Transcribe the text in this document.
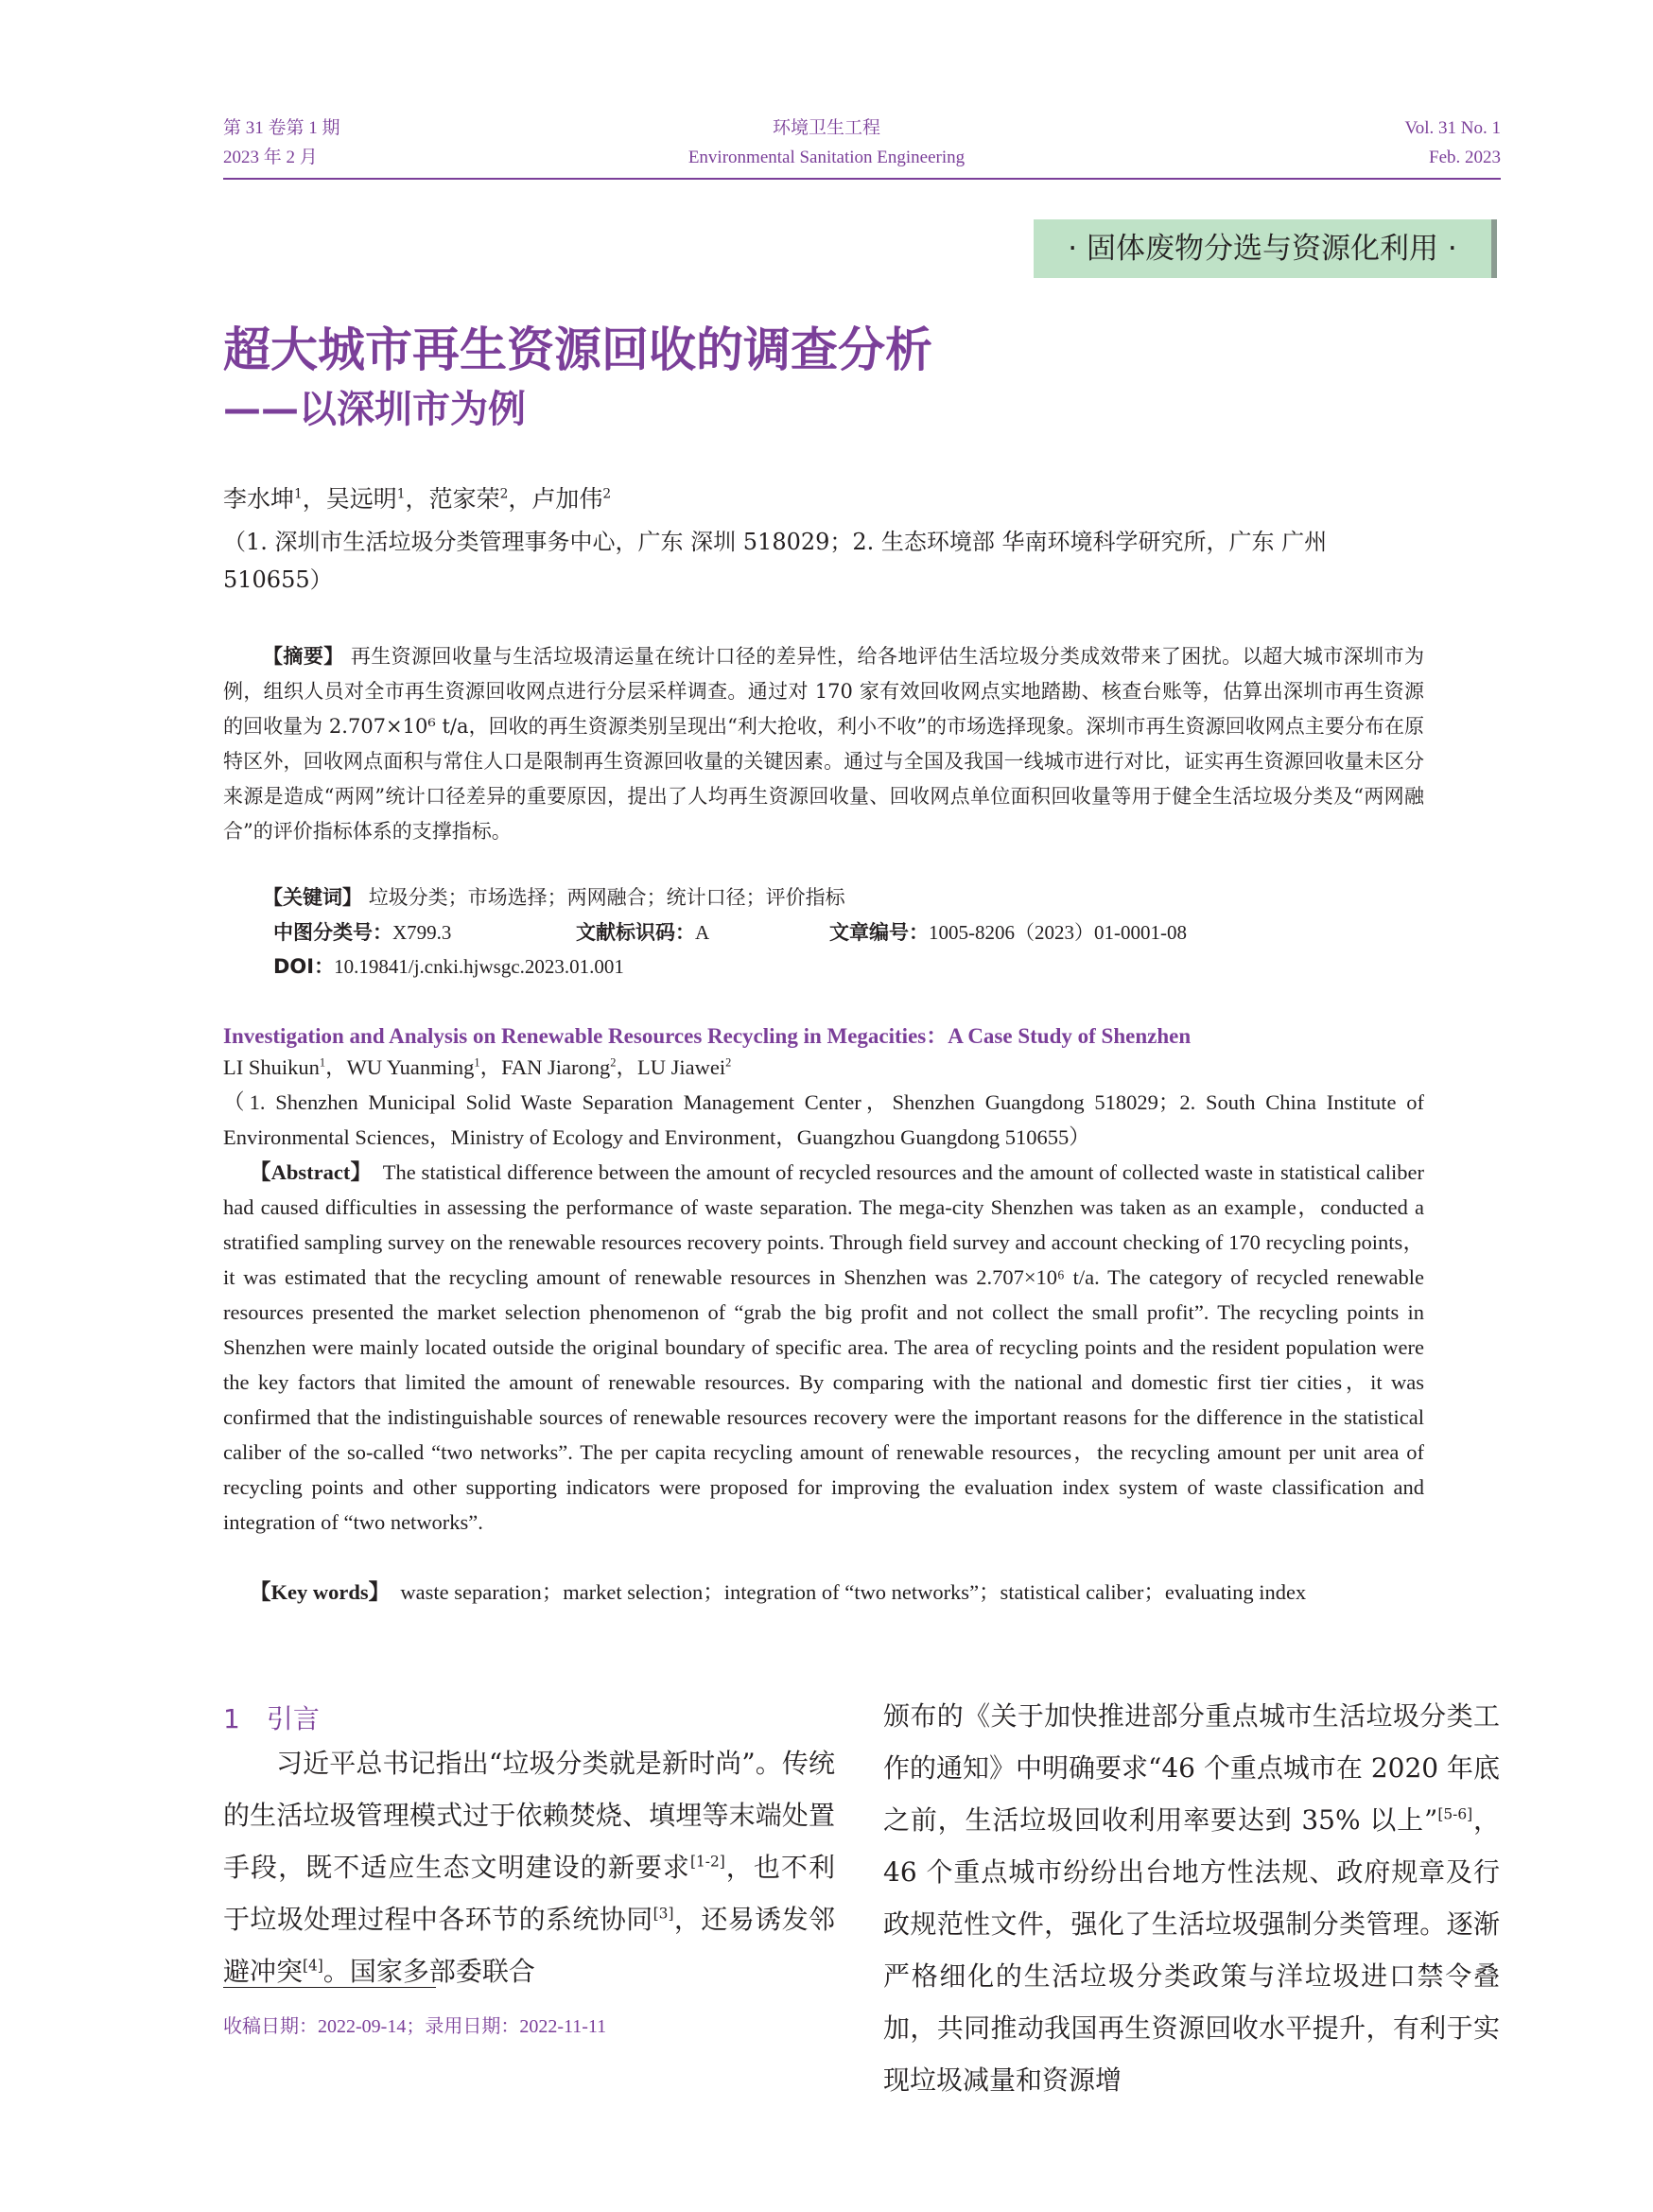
第 31 卷第 1 期
2023 年 2 月
环境卫生工程
Environmental Sanitation Engineering
Vol. 31 No. 1
Feb. 2023
· 固体废物分选与资源化利用 ·
超大城市再生资源回收的调查分析
——以深圳市为例
李水坤$^1$，吴远明$^1$，范家荣$^2$，卢加伟$^2$
（1. 深圳市生活垃圾分类管理事务中心，广东 深圳 518029；2. 生态环境部 华南环境科学研究所，广东 广州 510655）
【摘要】 再生资源回收量与生活垃圾清运量在统计口径的差异性，给各地评估生活垃圾分类成效带来了困扰。以超大城市深圳市为例，组织人员对全市再生资源回收网点进行分层采样调查。通过对 170 家有效回收网点实地踏勘、核查台账等，估算出深圳市再生资源的回收量为 2.707×10⁶ t/a，回收的再生资源类别呈现出“利大抢收，利小不收”的市场选择现象。深圳市再生资源回收网点主要分布在原特区外，回收网点面积与常住人口是限制再生资源回收量的关键因素。通过与全国及我国一线城市进行对比，证实再生资源回收量未区分来源是造成“两网”统计口径差异的重要原因，提出了人均再生资源回收量、回收网点单位面积回收量等用于健全生活垃圾分类及“两网融合”的评价指标体系的支撑指标。
【关键词】 垃圾分类；市场选择；两网融合；统计口径；评价指标
中图分类号：X799.3	文献标识码：A	文章编号：1005-8206（2023）01-0001-08
DOI：10.19841/j.cnki.hjwsgc.2023.01.001
Investigation and Analysis on Renewable Resources Recycling in Megacities：A Case Study of Shenzhen
LI Shuikun$^1$，WU Yuanming$^1$，FAN Jiarong$^2$，LU Jiawei$^2$
（1. Shenzhen Municipal Solid Waste Separation Management Center，Shenzhen Guangdong 518029；2. South China Institute of Environmental Sciences，Ministry of Ecology and Environment，Guangzhou Guangdong 510655）
【Abstract】 The statistical difference between the amount of recycled resources and the amount of collected waste in statistical caliber had caused difficulties in assessing the performance of waste separation. The mega-city Shenzhen was taken as an example，conducted a stratified sampling survey on the renewable resources recovery points. Through field survey and account checking of 170 recycling points，it was estimated that the recycling amount of renewable resources in Shenzhen was 2.707×10⁶ t/a. The category of recycled renewable resources presented the market selection phenomenon of “grab the big profit and not collect the small profit”. The recycling points in Shenzhen were mainly located outside the original boundary of specific area. The area of recycling points and the resident population were the key factors that limited the amount of renewable resources. By comparing with the national and domestic first tier cities，it was confirmed that the indistinguishable sources of renewable resources recovery were the important reasons for the difference in the statistical caliber of the so-called “two networks”. The per capita recycling amount of renewable resources，the recycling amount per unit area of recycling points and other supporting indicators were proposed for improving the evaluation index system of waste classification and integration of “two networks”.
【Key words】 waste separation；market selection；integration of “two networks”；statistical caliber；evaluating index
1　引言
习近平总书记指出“垃圾分类就是新时尚”。传统的生活垃圾管理模式过于依赖焚烧、填埋等末端处置手段，既不适应生态文明建设的新要求[1-2]，也不利于垃圾处理过程中各环节的系统协同[3]，还易诱发邻避冲突[4]。国家多部委联合
颁布的《关于加快推进部分重点城市生活垃圾分类工作的通知》中明确要求“46 个重点城市在 2020 年底之前，生活垃圾回收利用率要达到 35% 以上”[5-6]，46 个重点城市纷纷出台地方性法规、政府规章及行政规范性文件，强化了生活垃圾强制分类管理。逐渐严格细化的生活垃圾分类政策与洋垃圾进口禁令叠加，共同推动我国再生资源回收水平提升，有利于实现垃圾减量和资源增
收稿日期：2022-09-14；录用日期：2022-11-11
